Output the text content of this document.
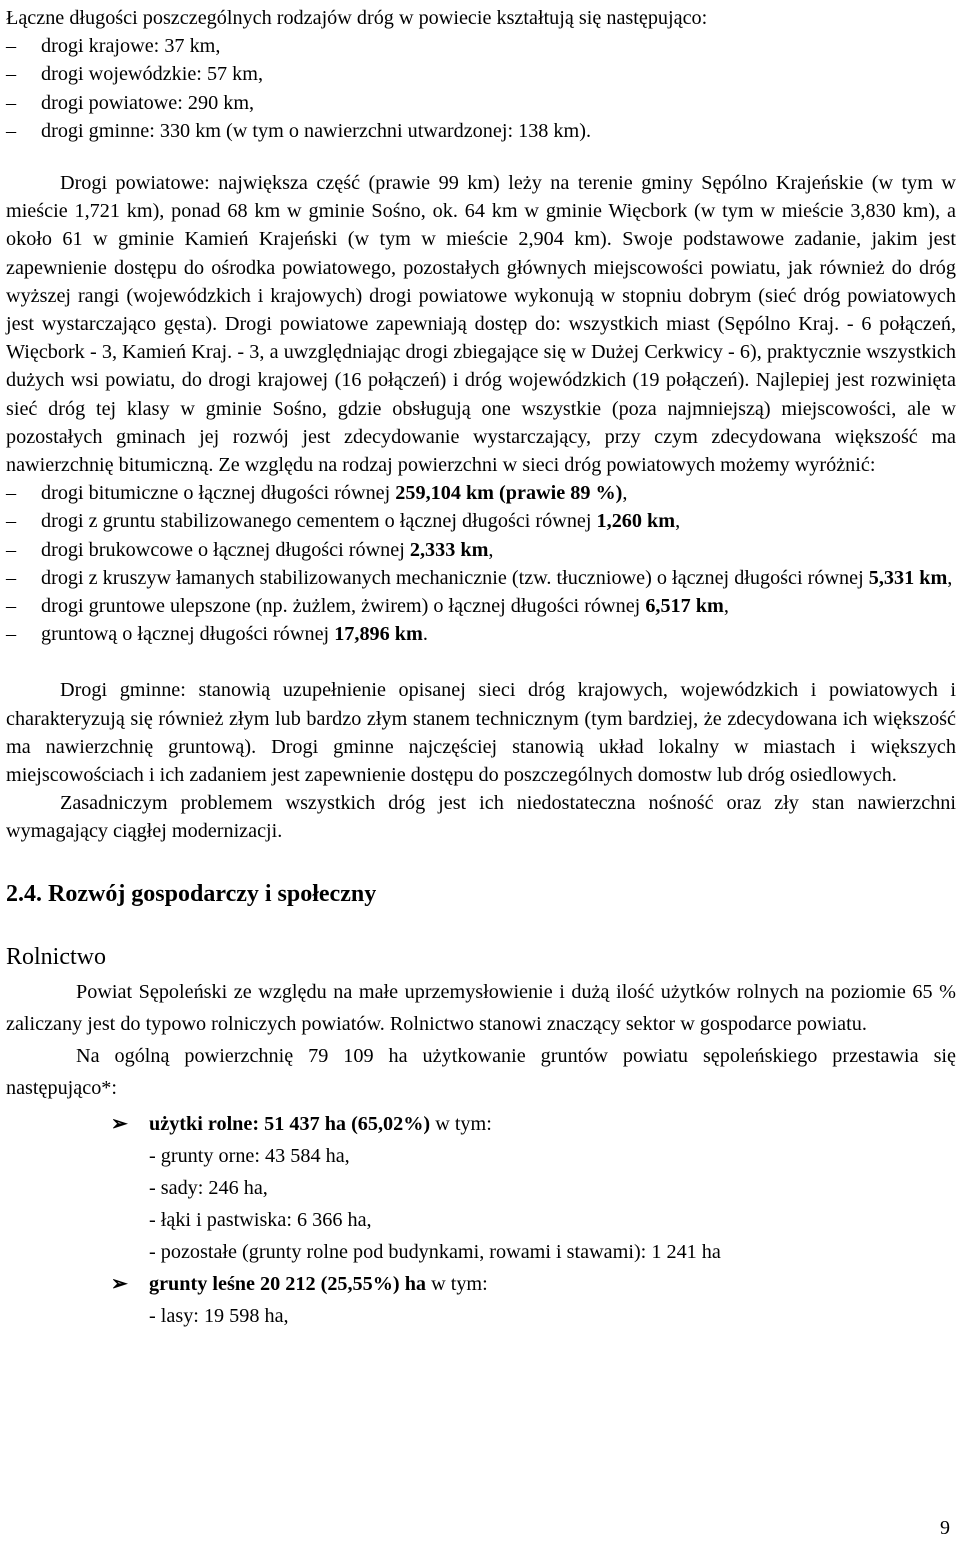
Łączne długości poszczególnych rodzajów dróg w powiecie kształtują się następująco:

– drogi krajowe: 37 km,
– drogi wojewódzkie: 57 km,
– drogi powiatowe: 290 km,
– drogi gminne: 330 km (w tym o nawierzchni utwardzonej: 138 km).

Drogi powiatowe: największa część (prawie 99 km) leży na terenie gminy Sępólno Krajeńskie (w tym w mieście 1,721 km), ponad 68 km w gminie Sośno, ok. 64 km w gminie Więcbork (w tym w mieście 3,830 km), a około 61 w gminie Kamień Krajeński (w tym w mieście 2,904 km). Swoje podstawowe zadanie, jakim jest zapewnienie dostępu do ośrodka powiatowego, pozostałych głównych miejscowości powiatu, jak również do dróg wyższej rangi (wojewódzkich i krajowych) drogi powiatowe wykonują w stopniu dobrym (sieć dróg powiatowych jest wystarczająco gęsta). Drogi powiatowe zapewniają dostęp do: wszystkich miast (Sępólno Kraj. - 6 połączeń, Więcbork - 3, Kamień Kraj. - 3, a uwzględniając drogi zbiegające się w Dużej Cerkwicy - 6), praktycznie wszystkich dużych wsi powiatu, do drogi krajowej (16 połączeń) i dróg wojewódzkich (19 połączeń). Najlepiej jest rozwinięta sieć dróg tej klasy w gminie Sośno, gdzie obsługują one wszystkie (poza najmniejszą) miejscowości, ale w pozostałych gminach jej rozwój jest zdecydowanie wystarczający, przy czym zdecydowana większość ma nawierzchnię bitumiczną. Ze względu na rodzaj powierzchni w sieci dróg powiatowych możemy wyróżnić:

– drogi bitumiczne o łącznej długości równej 259,104 km (prawie 89 %),
– drogi z gruntu stabilizowanego cementem o łącznej długości równej 1,260 km,
– drogi brukowcowe o łącznej długości równej 2,333 km,
– drogi z kruszyw łamanych stabilizowanych mechanicznie (tzw. tłuczniowe) o łącznej długości równej 5,331 km,
– drogi gruntowe ulepszone (np. żużlem, żwirem) o łącznej długości równej 6,517 km,
– gruntową o łącznej długości równej 17,896 km.

Drogi gminne: stanowią uzupełnienie opisanej sieci dróg krajowych, wojewódzkich i powiatowych i charakteryzują się również złym lub bardzo złym stanem technicznym (tym bardziej, że zdecydowana ich większość ma nawierzchnię gruntową). Drogi gminne najczęściej stanowią układ lokalny w miastach i większych miejscowościach i ich zadaniem jest zapewnienie dostępu do poszczególnych domostw lub dróg osiedlowych.

Zasadniczym problemem wszystkich dróg jest ich niedostateczna nośność oraz zły stan nawierzchni wymagający ciągłej modernizacji.

2.4. Rozwój gospodarczy i społeczny
Rolnictwo

Powiat Sępoleński ze względu na małe uprzemysłowienie i dużą ilość użytków rolnych na poziomie 65 % zaliczany jest do typowo rolniczych powiatów. Rolnictwo stanowi znaczący sektor w gospodarce powiatu.

Na ogólną powierzchnię 79 109 ha użytkowanie gruntów powiatu sępoleńskiego przestawia się następująco*:

➢ użytki rolne: 51 437 ha (65,02%) w tym:
- grunty orne: 43 584 ha,
- sady: 246 ha,
- łąki i pastwiska: 6 366 ha,
- pozostałe (grunty rolne pod budynkami, rowami i stawami): 1 241 ha
➢ grunty leśne 20 212 (25,55%) ha w tym:
- lasy: 19 598 ha,
9
